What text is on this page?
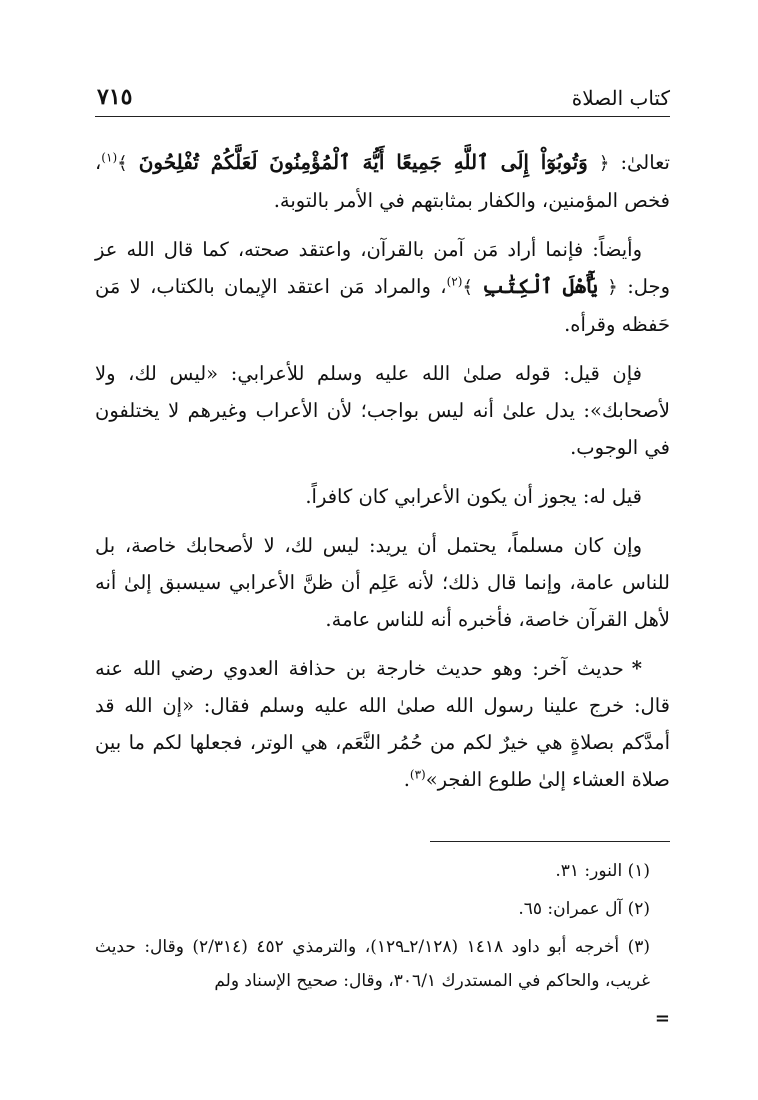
كتاب الصلاة
٧١٥

تعالىٰ: ﴿ وَتُوبُوٓاْ إِلَى ٱللَّهِ جَمِيعًا أَيُّهَ ٱلْمُؤْمِنُونَ لَعَلَّكُمْ تُفْلِحُونَ ﴾$^{(١)}$، فخص المؤمنين، والكفار بمثابتهم في الأمر بالتوبة.

وأيضاً: فإنما أراد مَن آمن بالقرآن، واعتقد صحته، كما قال الله عز وجل: ﴿ يَٰٓأَهْلَ ٱلْكِتَٰبِ ﴾$^{(٢)}$، والمراد مَن اعتقد الإيمان بالكتاب، لا مَن حَفظه وقرأه.

فإن قيل: قوله صلىٰ الله عليه وسلم للأعرابي: «ليس لك، ولا لأصحابك»: يدل علىٰ أنه ليس بواجب؛ لأن الأعراب وغيرهم لا يختلفون في الوجوب.

قيل له: يجوز أن يكون الأعرابي كان كافراً.

وإن كان مسلماً، يحتمل أن يريد: ليس لك، لا لأصحابك خاصة، بل للناس عامة، وإنما قال ذلك؛ لأنه عَلِم أن ظنَّ الأعرابي سيسبق إلىٰ أنه لأهل القرآن خاصة، فأخبره أنه للناس عامة.

*حديث آخر: وهو حديث خارجة بن حذافة العدوي رضي الله عنه قال: خرج علينا رسول الله صلىٰ الله عليه وسلم فقال: «إن الله قد أمدَّكم بصلاةٍ هي خيرٌ لكم من حُمُر النَّعَم، هي الوتر، فجعلها لكم ما بين صلاة العشاء إلىٰ طلوع الفجر»$^{(٣)}$.

(١) النور: ٣١.

(٢) آل عمران: ٦٥.

(٣) أخرجه أبو داود ١٤١٨ (٢/١٢٨ـ١٢٩)، والترمذي ٤٥٢ (٢/٣١٤) وقال: حديث غريب، والحاكم في المستدرك ٣٠٦/١، وقال: صحيح الإسناد ولم

=
